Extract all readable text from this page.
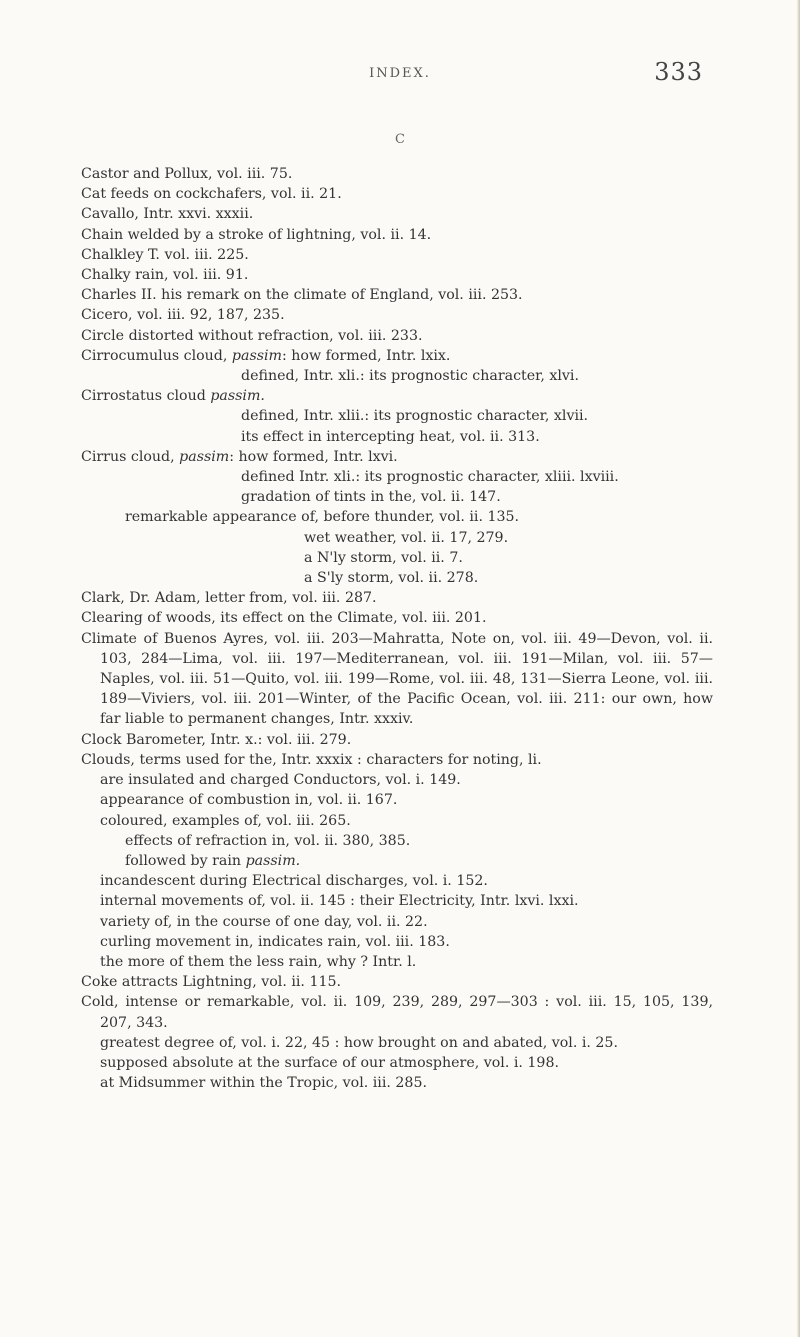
INDEX.	333
C
Castor and Pollux, vol. iii. 75.
Cat feeds on cockchafers, vol. ii. 21.
Cavallo, Intr. xxvi. xxxii.
Chain welded by a stroke of lightning, vol. ii. 14.
Chalkley T. vol. iii. 225.
Chalky rain, vol. iii. 91.
Charles II. his remark on the climate of England, vol. iii. 253.
Cicero, vol. iii. 92, 187, 235.
Circle distorted without refraction, vol. iii. 233.
Cirrocumulus cloud, passim: how formed, Intr. lxix.
defined, Intr. xli.: its prognostic character, xlvi.
Cirrostatus cloud passim.
defined, Intr. xlii.: its prognostic character, xlvii.
its effect in intercepting heat, vol. ii. 313.
Cirrus cloud, passim: how formed, Intr. lxvi.
defined Intr. xli.: its prognostic character, xliii. lxviii.
gradation of tints in the, vol. ii. 147.
remarkable appearance of, before thunder, vol. ii. 135.
wet weather, vol. ii. 17, 279.
a N'ly storm, vol. ii. 7.
a S'ly storm, vol. ii. 278.
Clark, Dr. Adam, letter from, vol. iii. 287.
Clearing of woods, its effect on the Climate, vol. iii. 201.
Climate of Buenos Ayres, vol. iii. 203—Mahratta, Note on, vol. iii. 49—Devon, vol. ii. 103, 284—Lima, vol. iii. 197—Mediterranean, vol. iii. 191—Milan, vol. iii. 57—Naples, vol. iii. 51—Quito, vol. iii. 199—Rome, vol. iii. 48, 131—Sierra Leone, vol. iii. 189—Viviers, vol. iii. 201—Winter, of the Pacific Ocean, vol. iii. 211: our own, how far liable to permanent changes, Intr. xxxiv.
Clock Barometer, Intr. x.: vol. iii. 279.
Clouds, terms used for the, Intr. xxxix : characters for noting, li.
are insulated and charged Conductors, vol. i. 149.
appearance of combustion in, vol. ii. 167.
coloured, examples of, vol. iii. 265.
effects of refraction in, vol. ii. 380, 385.
followed by rain passim.
incandescent during Electrical discharges, vol. i. 152.
internal movements of, vol. ii. 145 : their Electricity, Intr. lxvi. lxxi.
variety of, in the course of one day, vol. ii. 22.
curling movement in, indicates rain, vol. iii. 183.
the more of them the less rain, why ? Intr. l.
Coke attracts Lightning, vol. ii. 115.
Cold, intense or remarkable, vol. ii. 109, 239, 289, 297—303 : vol. iii. 15, 105, 139, 207, 343.
greatest degree of, vol. i. 22, 45 : how brought on and abated, vol. i. 25.
supposed absolute at the surface of our atmosphere, vol. i. 198.
at Midsummer within the Tropic, vol. iii. 285.
